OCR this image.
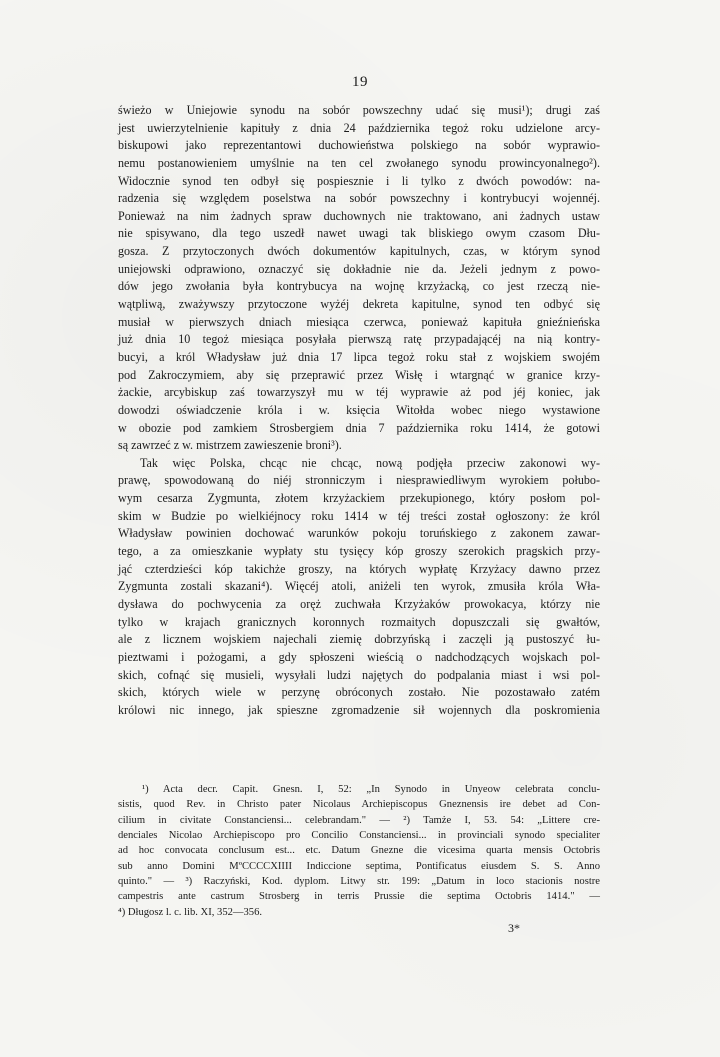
19
świeżo w Uniejowie synodu na sobór powszechny udać się musi¹); drugi zaś
jest uwierzytelnienie kapituły z dnia 24 października tegoż roku udzielone arcy-
biskupowi jako reprezentantowi duchowieństwa polskiego na sobór wyprawio-
nemu postanowieniem umyślnie na ten cel zwołanego synodu prowincyonalnego²).
Widocznie synod ten odbył się pospiesznie i li tylko z dwóch powodów: na-
radzenia się względem poselstwa na sobór powszechny i kontrybucyi wojennéj.
Ponieważ na nim żadnych spraw duchownych nie traktowano, ani żadnych ustaw
nie spisywano, dla tego uszedł nawet uwagi tak bliskiego owym czasom Dłu-
gosza. Z przytoczonych dwóch dokumentów kapitulnych, czas, w którym synod
uniejowski odprawiono, oznaczyć się dokładnie nie da. Jeżeli jednym z powo-
dów jego zwołania była kontrybucya na wojnę krzyżacką, co jest rzeczą nie-
wątpliwą, zważywszy przytoczone wyżéj dekreta kapitulne, synod ten odbyć się
musiał w pierwszych dniach miesiąca czerwca, ponieważ kapituła gnieźnieńska
już dnia 10 tegoż miesiąca posyłała pierwszą ratę przypadającéj na nią kontry-
bucyi, a król Władysław już dnia 17 lipca tegoż roku stał z wojskiem swojém
pod Zakroczymiem, aby się przeprawić przez Wisłę i wtargnąć w granice krzy-
żackie, arcybiskup zaś towarzyszył mu w téj wyprawie aż pod jéj koniec, jak
dowodzi oświadczenie króla i w. księcia Witołda wobec niego wystawione
w obozie pod zamkiem Strosbergiem dnia 7 października roku 1414, że gotowi
są zawrzeć z w. mistrzem zawieszenie broni³).
Tak więc Polska, chcąc nie chcąc, nową podjęła przeciw zakonowi wy-
prawę, spowodowaną do niéj stronniczym i niesprawiedliwym wyrokiem połubo-
wym cesarza Zygmunta, złotem krzyżackiem przekupionego, który posłom pol-
skim w Budzie po wielkiéjnocy roku 1414 w téj treści został ogłoszony: że król
Władysław powinien dochować warunków pokoju toruńskiego z zakonem zawar-
tego, a za omieszkanie wypłaty stu tysięcy kóp groszy szerokich pragskich przy-
jąć czterdzieści kóp takichże groszy, na których wypłatę Krzyżacy dawno przez
Zygmunta zostali skazani⁴). Więcéj atoli, aniżeli ten wyrok, zmusiła króla Wła-
dysława do pochwycenia za oręż zuchwała Krzyżaków prowokacya, którzy nie
tylko w krajach granicznych koronnych rozmaitych dopuszczali się gwałtów,
ale z licznem wojskiem najechali ziemię dobrzyńską i zaczęli ją pustoszyć łu-
pieztwami i pożogami, a gdy spłoszeni wieścią o nadchodzących wojskach pol-
skich, cofnąć się musieli, wysyłali ludzi najętych do podpalania miast i wsi pol-
skich, których wiele w perzynę obróconych zostało. Nie pozostawało zatém
królowi nic innego, jak spieszne zgromadzenie sił wojennych dla poskromienia
¹) Acta decr. Capit. Gnesn. I, 52: „In Synodo in Unyeow celebrata conclu-
sistis, quod Rev. in Christo pater Nicolaus Archiepiscopus Gneznensis ire debet ad Con-
cilium in civitate Constanciensi... celebrandam." — ²) Tamże I, 53. 54: „Littere cre-
denciales Nicolao Archiepiscopo pro Concilio Constanciensi... in provinciali synodo specialiter
ad hoc convocata conclusum est... etc. Datum Gnezne die vicesima quarta mensis Octobris
sub anno Domini MºCCCCXIIII Indiccione septima, Pontificatus eiusdem S. S. Anno
quinto." — ³) Raczyński, Kod. dyplom. Litwy str. 199: „Datum in loco stacionis nostre
campestris ante castrum Strosberg in terris Prussie die septima Octobris 1414." —
⁴) Długosz l. c. lib. XI, 352—356.
3*
